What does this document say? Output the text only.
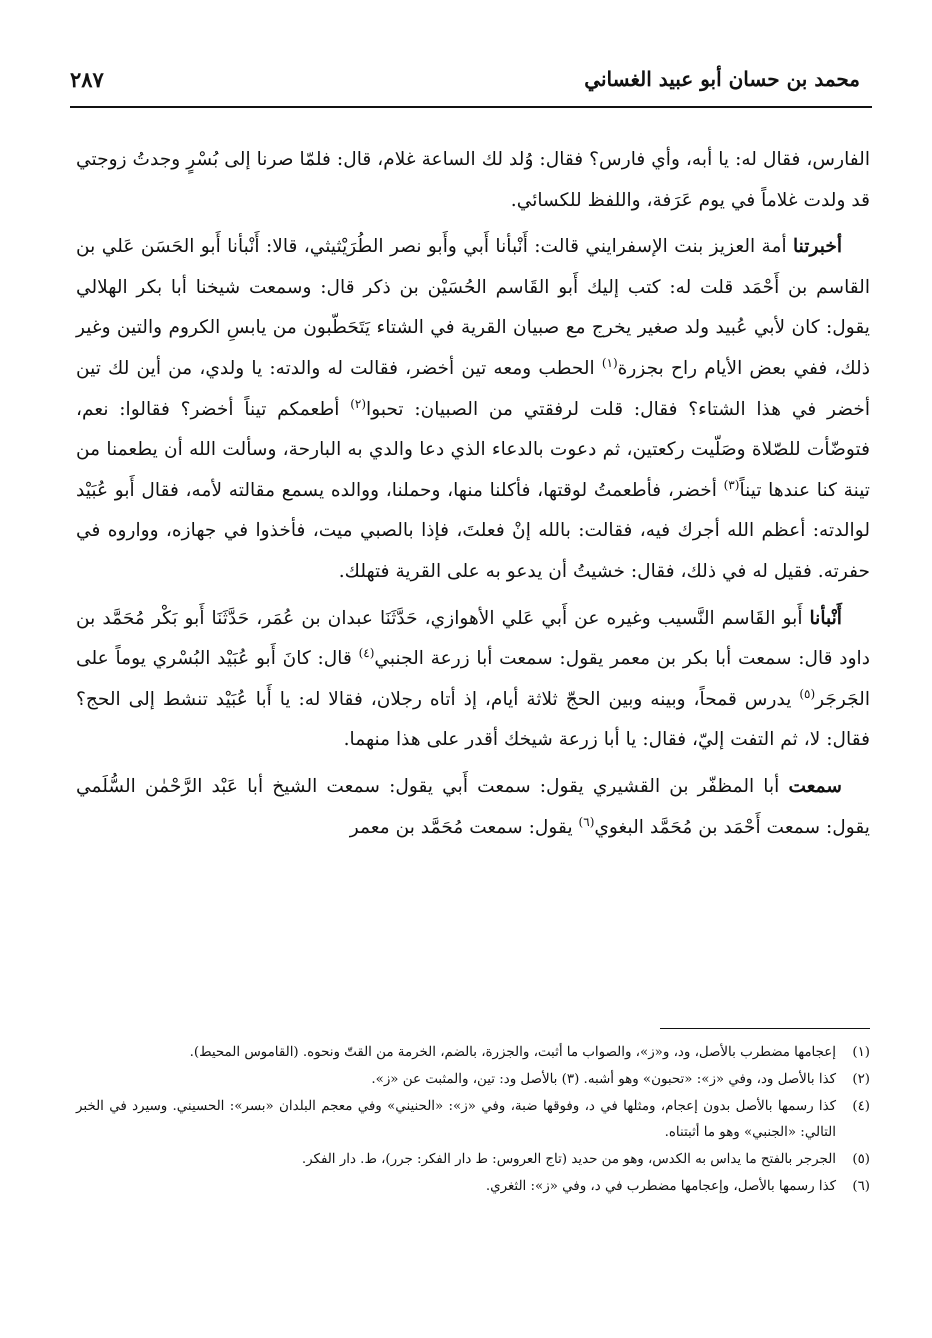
محمد بن حسان أبو عبيد الغساني
٢٨٧

الفارس، فقال له: يا أبه، وأي فارس؟ فقال: وُلد لك الساعة غلام، قال: فلمّا صرنا إلى بُسْرٍ وجدتُ زوجتي قد ولدت غلاماً في يوم عَرَفة، واللفظ للكسائي.

أخبرتنا أمة العزيز بنت الإسفرايني قالت: أَنْبأنا أَبي وأَبو نصر الطُرَيْثيثي، قالا: أَنْبأنا أَبو الحَسَن عَلي بن القاسم بن أَحْمَد قلت له: كتب إليك أَبو القَاسم الحُسَيْن بن ذكر قال: وسمعت شيخنا أبا بكر الهلالي يقول: كان لأبي عُبيد ولد صغير يخرج مع صبيان القرية في الشتاء يَتَحَطّبون من يابسِ الكروم والتين وغير ذلك، ففي بعض الأيام راح بجزرة$^{(١)}$ الحطب ومعه تين أخضر، فقالت له والدته: يا ولدي، من أين لك تين أخضر في هذا الشتاء؟ فقال: قلت لرفقتي من الصبيان: تحبوا$^{(٢)}$ أطعمكم تيناً أخضر؟ فقالوا: نعم، فتوضّأت للصّلاة وصَلّيت ركعتين، ثم دعوت بالدعاء الذي دعا والدي به البارحة، وسألت الله أن يطعمنا من تينة كنا عندها تيناً$^{(٣)}$ أخضر، فأطعمتُ لوقتها، فأكلنا منها، وحملنا، ووالده يسمع مقالته لأمه، فقال أَبو عُبَيْد لوالدته: أعظم الله أجرك فيه، فقالت: بالله إنْ فعلتَ، فإذا بالصبي ميت، فأخذوا في جهازه، وواروه في حفرته. فقيل له في ذلك، فقال: خشيتُ أن يدعو به على القرية فتهلك.

أَنْبأنا أَبو القَاسم النَّسيب وغيره عن أَبي عَلي الأهوازي، حَدَّثَنَا عبدان بن عُمَر، حَدَّثَنَا أَبو بَكْر مُحَمَّد بن داود قال: سمعت أبا بكر بن معمر يقول: سمعت أبا زرعة الجنبي$^{(٤)}$ قال: كانَ أَبو عُبَيْد البُسْري يوماً على الجَرجَر$^{(٥)}$ يدرس قمحاً، وبينه وبين الحجّ ثلاثة أيام، إذ أتاه رجلان، فقالا له: يا أَبا عُبَيْد تنشط إلى الحج؟ فقال: لا، ثم التفت إليّ، فقال: يا أبا زرعة شيخك أقدر على هذا منهما.

سمعت أبا المظفّر بن القشيري يقول: سمعت أَبي يقول: سمعت الشيخ أبا عَبْد الرَّحْمٰن السُّلَمي يقول: سمعت أَحْمَد بن مُحَمَّد البغوي$^{(٦)}$ يقول: سمعت مُحَمَّد بن معمر

(١)
إعجامها مضطرب بالأصل، ود، و«ز»، والصواب ما أثبت، والجزرة، بالضم، الخرمة من القتّ ونحوه. (القاموس المحيط).
(٢)
كذا بالأصل ود، وفي «ز»: «تحبون» وهو أشبه. (٣) بالأصل ود: تين، والمثبت عن «ز».
(٤)
كذا رسمها بالأصل بدون إعجام، ومثلها في د، وفوقها ضبة، وفي «ز»: «الحنيني» وفي معجم البلدان «بسر»: الحسيني. وسيرد في الخبر التالي: «الجنبي» وهو ما أثبتناه.
(٥)
الجرجر بالفتح ما يداس به الكدس، وهو من حديد (تاج العروس: ط دار الفكر: جرر)، ط. دار الفكر.
(٦)
كذا رسمها بالأصل، وإعجامها مضطرب في د، وفي «ز»: الثغري.
